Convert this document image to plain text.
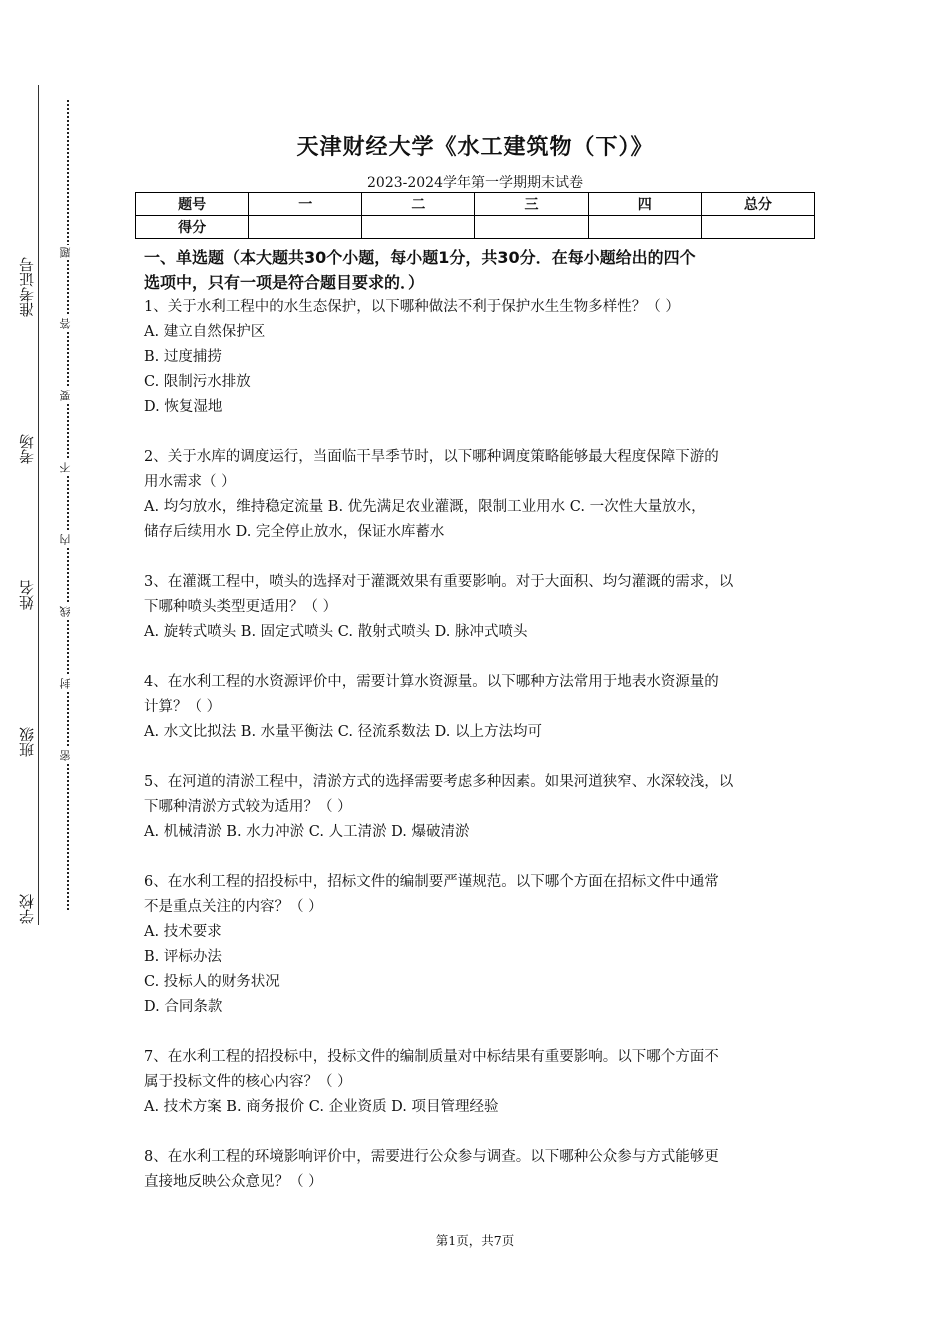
准考证号
考场
姓名
班级
学校
题
答
要
不
内
线
封
密
天津财经大学《水工建筑物（下）》
2023-2024学年第一学期期末试卷
题号	一	二	三	四	总分
得分					
一、单选题（本大题共30个小题，每小题1分，共30分．在每小题给出的四个
选项中，只有一项是符合题目要求的．）
1、关于水利工程中的水生态保护，以下哪种做法不利于保护水生生物多样性？（ ）
A. 建立自然保护区
B. 过度捕捞
C. 限制污水排放
D. 恢复湿地
2、关于水库的调度运行，当面临干旱季节时，以下哪种调度策略能够最大程度保障下游的
用水需求（ ）
A. 均匀放水，维持稳定流量 B. 优先满足农业灌溉，限制工业用水 C. 一次性大量放水，
储存后续用水 D. 完全停止放水，保证水库蓄水
3、在灌溉工程中，喷头的选择对于灌溉效果有重要影响。对于大面积、均匀灌溉的需求，以
下哪种喷头类型更适用？（ ）
A. 旋转式喷头 B. 固定式喷头 C. 散射式喷头 D. 脉冲式喷头
4、在水利工程的水资源评价中，需要计算水资源量。以下哪种方法常用于地表水资源量的
计算？（ ）
A. 水文比拟法 B. 水量平衡法 C. 径流系数法 D. 以上方法均可
5、在河道的清淤工程中，清淤方式的选择需要考虑多种因素。如果河道狭窄、水深较浅，以
下哪种清淤方式较为适用？（ ）
A. 机械清淤 B. 水力冲淤 C. 人工清淤 D. 爆破清淤
6、在水利工程的招投标中，招标文件的编制要严谨规范。以下哪个方面在招标文件中通常
不是重点关注的内容？（ ）
A. 技术要求
B. 评标办法
C. 投标人的财务状况
D. 合同条款
7、在水利工程的招投标中，投标文件的编制质量对中标结果有重要影响。以下哪个方面不
属于投标文件的核心内容？（ ）
A. 技术方案 B. 商务报价 C. 企业资质 D. 项目管理经验
8、在水利工程的环境影响评价中，需要进行公众参与调查。以下哪种公众参与方式能够更
直接地反映公众意见？（ ）
第1页，共7页
